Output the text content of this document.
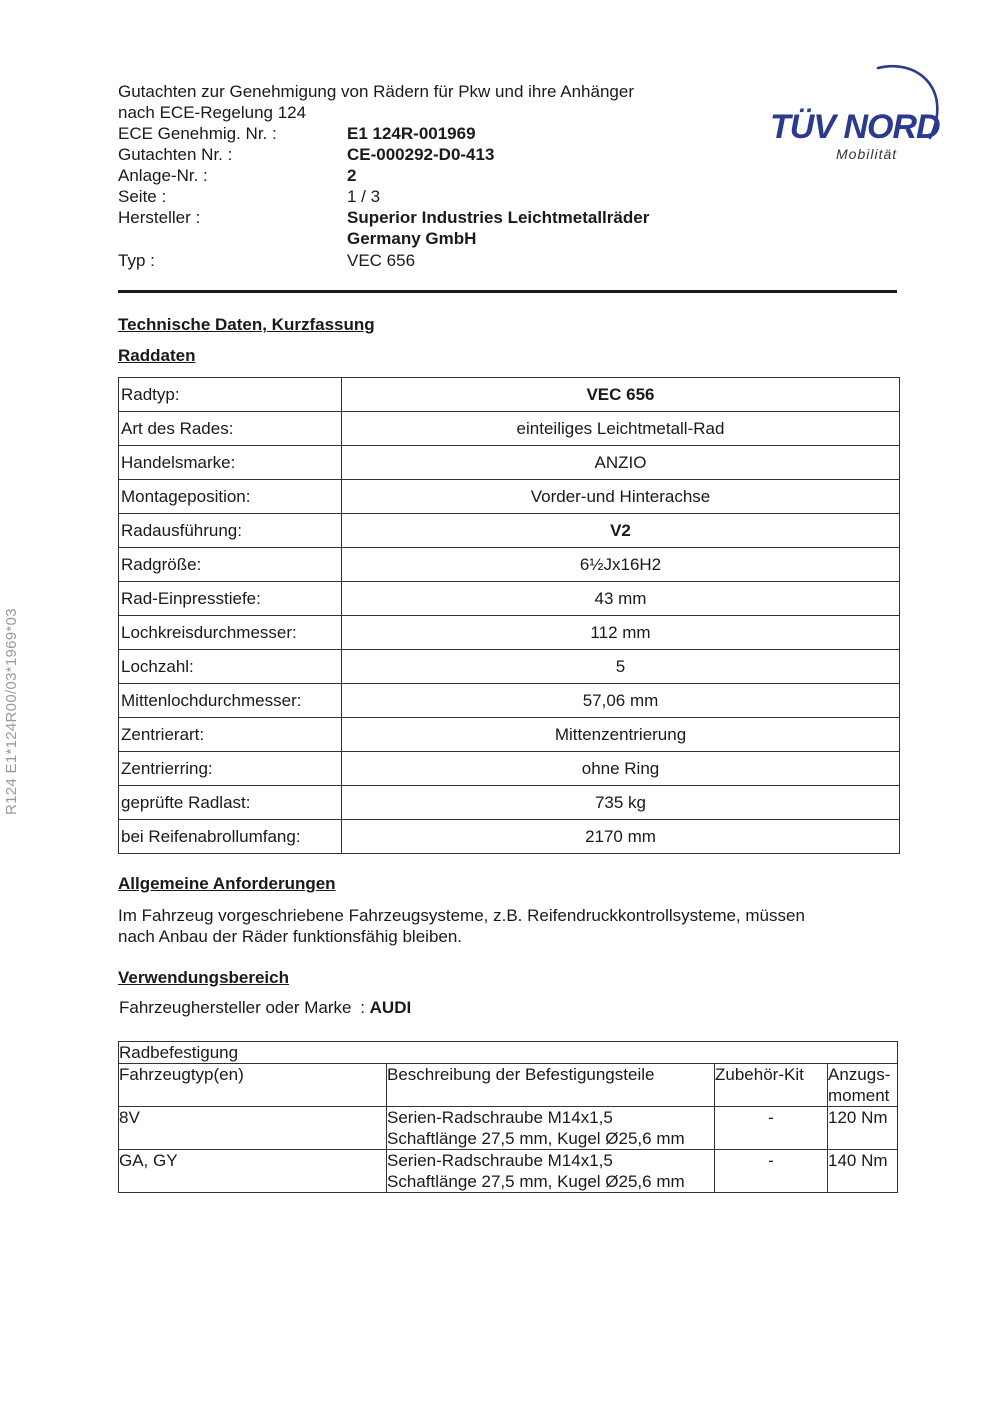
R124 E1*124R00/03*1969*03
Gutachten zur Genehmigung von Rädern für Pkw und ihre Anhänger
nach ECE-Regelung 124
ECE Genehmig. Nr. :	E1 124R-001969
Gutachten Nr. :	CE-000292-D0-413
Anlage-Nr. :	2
Seite :	1 / 3
Hersteller :	Superior Industries Leichtmetallräder
Germany GmbH
Typ :	VEC 656
TÜV NORD
Mobilität
Technische Daten, Kurzfassung
Raddaten
Radtyp:	VEC 656
Art des Rades:	einteiliges Leichtmetall-Rad
Handelsmarke:	ANZIO
Montageposition:	Vorder-und Hinterachse
Radausführung:	V2
Radgröße:	6½Jx16H2
Rad-Einpresstiefe:	43 mm
Lochkreisdurchmesser:	112 mm
Lochzahl:	5
Mittenlochdurchmesser:	57,06 mm
Zentrierart:	Mittenzentrierung
Zentrierring:	ohne Ring
geprüfte Radlast:	735 kg
bei Reifenabrollumfang:	2170 mm
Allgemeine Anforderungen
Im Fahrzeug vorgeschriebene Fahrzeugsysteme, z.B. Reifendruckkontrollsysteme, müssen
nach Anbau der Räder funktionsfähig bleiben.
Verwendungsbereich
Fahrzeughersteller oder Marke : AUDI
Radbefestigung			
Fahrzeugtyp(en)	Beschreibung der Befestigungsteile	Zubehör-Kit	Anzugs-
moment

8V	Serien-Radschraube M14x1,5
Schaftlänge 27,5 mm, Kugel Ø25,6 mm	-	120 Nm
GA, GY	Serien-Radschraube M14x1,5
Schaftlänge 27,5 mm, Kugel Ø25,6 mm	-	140 Nm
